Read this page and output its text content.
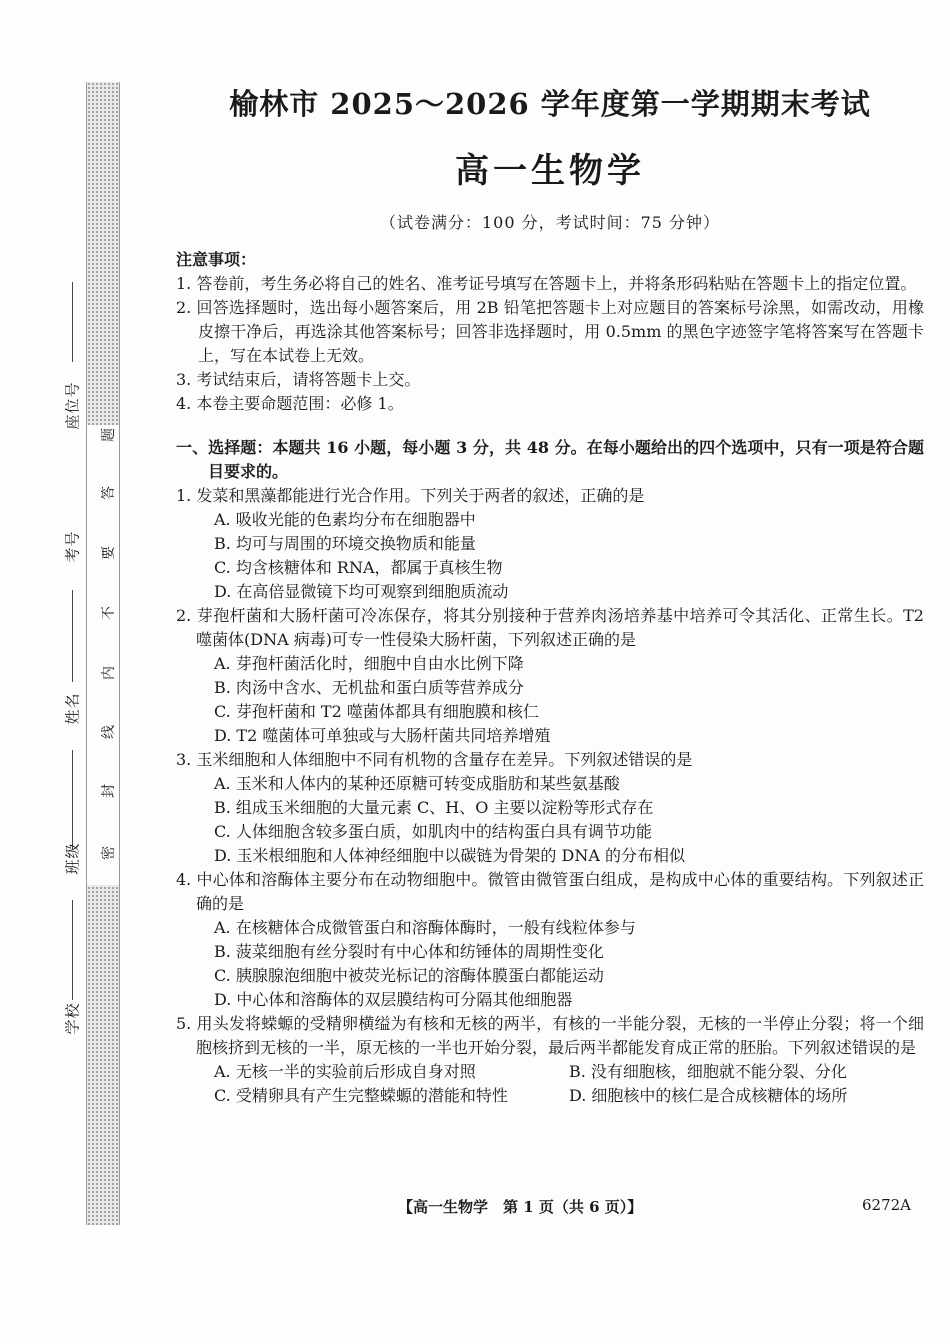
座位号
考号
姓名
班级
学校
密
封
线
内
不
要
答
题
榆林市 2025～2026 学年度第一学期期末考试
高一生物学
（试卷满分：100 分，考试时间：75 分钟）
注意事项：

1. 答卷前，考生务必将自己的姓名、准考证号填写在答题卡上，并将条形码粘贴在答题卡上的指定位置。

2. 回答选择题时，选出每小题答案后，用 2B 铅笔把答题卡上对应题目的答案标号涂黑，如需改动，用橡皮擦干净后，再选涂其他答案标号；回答非选择题时，用 0.5mm 的黑色字迹签字笔将答案写在答题卡上，写在本试卷上无效。

3. 考试结束后，请将答题卡上交。

4. 本卷主要命题范围：必修 1。

一、选择题：本题共 16 小题，每小题 3 分，共 48 分。在每小题给出的四个选项中，只有一项是符合题目要求的。

1. 发菜和黑藻都能进行光合作用。下列关于两者的叙述，正确的是

A. 吸收光能的色素均分布在细胞器中

B. 均可与周围的环境交换物质和能量

C. 均含核糖体和 RNA，都属于真核生物

D. 在高倍显微镜下均可观察到细胞质流动

2. 芽孢杆菌和大肠杆菌可冷冻保存，将其分别接种于营养肉汤培养基中培养可令其活化、正常生长。T2 噬菌体(DNA 病毒)可专一性侵染大肠杆菌，下列叙述正确的是

A. 芽孢杆菌活化时，细胞中自由水比例下降

B. 肉汤中含水、无机盐和蛋白质等营养成分

C. 芽孢杆菌和 T2 噬菌体都具有细胞膜和核仁

D. T2 噬菌体可单独或与大肠杆菌共同培养增殖

3. 玉米细胞和人体细胞中不同有机物的含量存在差异。下列叙述错误的是

A. 玉米和人体内的某种还原糖可转变成脂肪和某些氨基酸

B. 组成玉米细胞的大量元素 C、H、O 主要以淀粉等形式存在

C. 人体细胞含较多蛋白质，如肌肉中的结构蛋白具有调节功能

D. 玉米根细胞和人体神经细胞中以碳链为骨架的 DNA 的分布相似

4. 中心体和溶酶体主要分布在动物细胞中。微管由微管蛋白组成，是构成中心体的重要结构。下列叙述正确的是

A. 在核糖体合成微管蛋白和溶酶体酶时，一般有线粒体参与

B. 菠菜细胞有丝分裂时有中心体和纺锤体的周期性变化

C. 胰腺腺泡细胞中被荧光标记的溶酶体膜蛋白都能运动

D. 中心体和溶酶体的双层膜结构可分隔其他细胞器

5. 用头发将蝾螈的受精卵横缢为有核和无核的两半，有核的一半能分裂，无核的一半停止分裂；将一个细胞核挤到无核的一半，原无核的一半也开始分裂，最后两半都能发育成正常的胚胎。下列叙述错误的是

A. 无核一半的实验前后形成自身对照	B. 没有细胞核，细胞就不能分裂、分化
C. 受精卵具有产生完整蝾螈的潜能和特性	D. 细胞核中的核仁是合成核糖体的场所
【高一生物学　第 1 页（共 6 页）】	6272A
